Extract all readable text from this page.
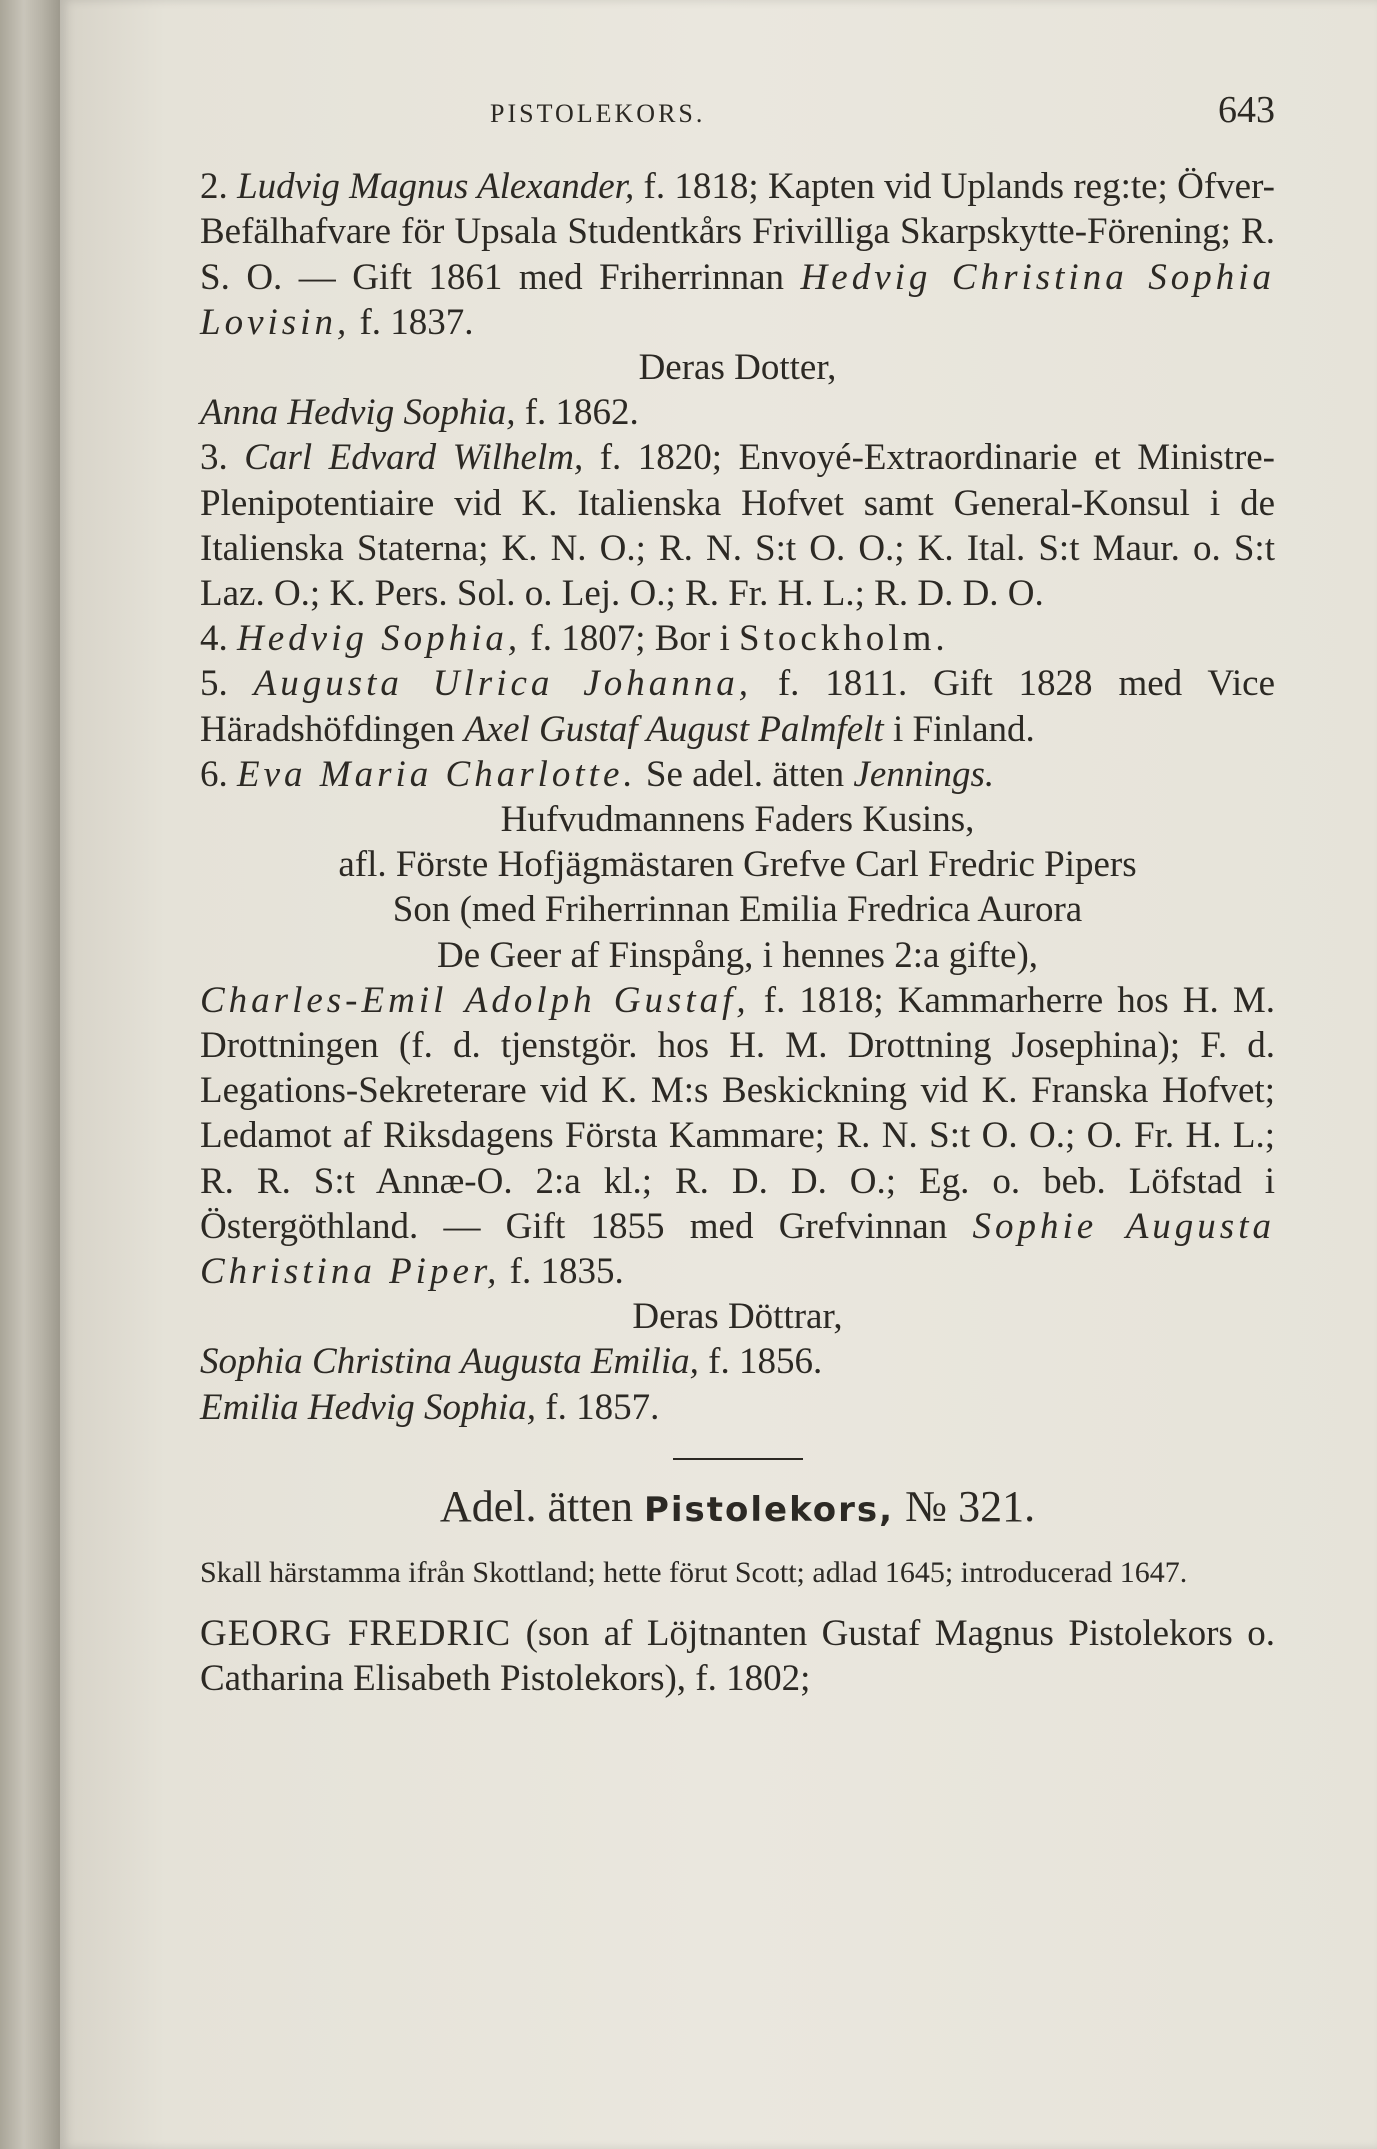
PISTOLEKORS.	643

2. Ludvig Magnus Alexander, f. 1818; Kapten vid Uplands reg:te; Öfver-Befälhafvare för Upsala Studentkårs Frivilliga Skarpskytte-Förening; R. S. O. — Gift 1861 med Friherrinnan Hedvig Christina Sophia Lovisin, f. 1837.

Deras Dotter,

Anna Hedvig Sophia, f. 1862.

3. Carl Edvard Wilhelm, f. 1820; Envoyé-Extraordinarie et Ministre-Plenipotentiaire vid K. Italienska Hofvet samt General-Konsul i de Italienska Staterna; K. N. O.; R. N. S:t O. O.; K. Ital. S:t Maur. o. S:t Laz. O.; K. Pers. Sol. o. Lej. O.; R. Fr. H. L.; R. D. D. O.

4. Hedvig Sophia, f. 1807; Bor i Stockholm.

5. Augusta Ulrica Johanna, f. 1811. Gift 1828 med Vice Häradshöfdingen Axel Gustaf August Palmfelt i Finland.

6. Eva Maria Charlotte. Se adel. ätten Jennings.

Hufvudmannens Faders Kusins,

afl. Förste Hofjägmästaren Grefve Carl Fredric Pipers

Son (med Friherrinnan Emilia Fredrica Aurora

De Geer af Finspång, i hennes 2:a gifte),

Charles-Emil Adolph Gustaf, f. 1818; Kammarherre hos H. M. Drottningen (f. d. tjenstgör. hos H. M. Drottning Josephina); F. d. Legations-Sekreterare vid K. M:s Beskickning vid K. Franska Hofvet; Ledamot af Riksdagens Första Kammare; R. N. S:t O. O.; O. Fr. H. L.; R. R. S:t Annæ-O. 2:a kl.; R. D. D. O.; Eg. o. beb. Löfstad i Östergöthland. — Gift 1855 med Grefvinnan Sophie Augusta Christina Piper, f. 1835.

Deras Döttrar,

Sophia Christina Augusta Emilia, f. 1856.

Emilia Hedvig Sophia, f. 1857.

Adel. ätten Pistolekors, № 321.

Skall härstamma ifrån Skottland; hette förut Scott; adlad 1645; introducerad 1647.

GEORG FREDRIC (son af Löjtnanten Gustaf Magnus Pistolekors o. Catharina Elisabeth Pistolekors), f. 1802;
